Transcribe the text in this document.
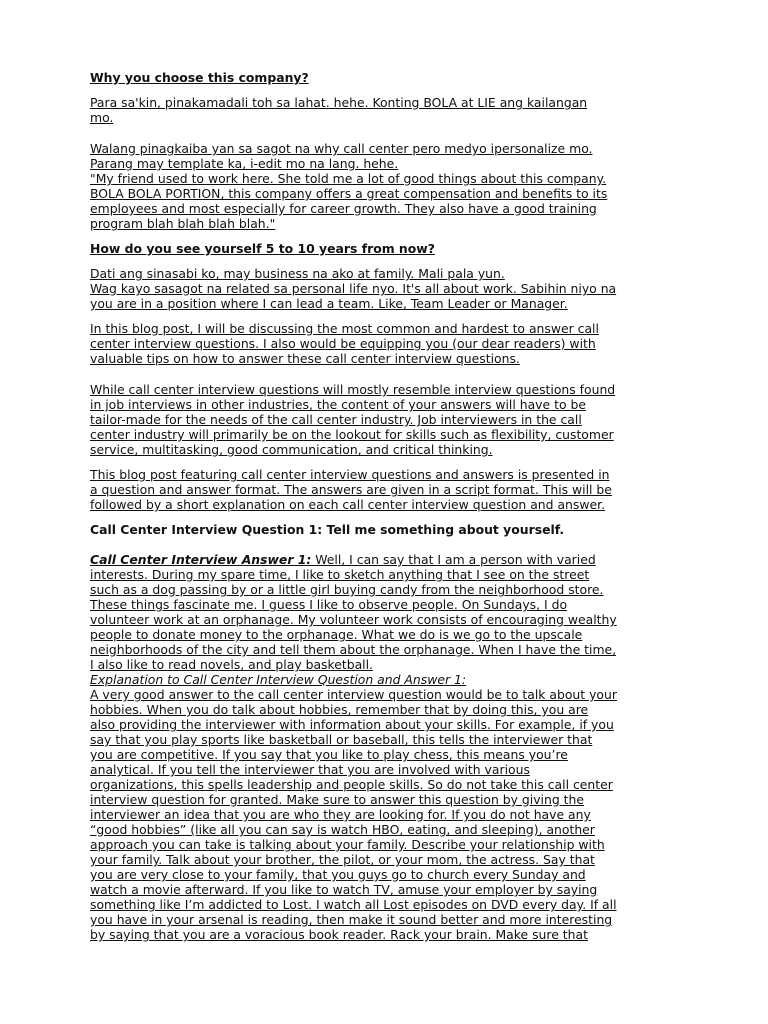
Why you choose this company?
Para sa'kin, pinakamadali toh sa lahat. hehe. Konting BOLA at LIE ang kailangan
mo.
Walang pinagkaiba yan sa sagot na why call center pero medyo ipersonalize mo.
Parang may template ka, i-edit mo na lang. hehe.
"My friend used to work here. She told me a lot of good things about this company.
BOLA BOLA PORTION, this company offers a great compensation and benefits to its
employees and most especially for career growth. They also have a good training
program blah blah blah blah."
How do you see yourself 5 to 10 years from now?
Dati ang sinasabi ko, may business na ako at family. Mali pala yun.
Wag kayo sasagot na related sa personal life nyo. It's all about work. Sabihin niyo na
you are in a position where I can lead a team. Like, Team Leader or Manager.
In this blog post, I will be discussing the most common and hardest to answer call
center interview questions. I also would be equipping you (our dear readers) with
valuable tips on how to answer these call center interview questions.
While call center interview questions will mostly resemble interview questions found
in job interviews in other industries, the content of your answers will have to be
tailor-made for the needs of the call center industry. Job interviewers in the call
center industry will primarily be on the lookout for skills such as flexibility, customer
service, multitasking, good communication, and critical thinking.
This blog post featuring call center interview questions and answers is presented in
a question and answer format. The answers are given in a script format. This will be
followed by a short explanation on each call center interview question and answer.
Call Center Interview Question 1: Tell me something about yourself.
Call Center Interview Answer 1: Well, I can say that I am a person with varied
interests. During my spare time, I like to sketch anything that I see on the street
such as a dog passing by or a little girl buying candy from the neighborhood store.
These things fascinate me. I guess I like to observe people. On Sundays, I do
volunteer work at an orphanage. My volunteer work consists of encouraging wealthy
people to donate money to the orphanage. What we do is we go to the upscale
neighborhoods of the city and tell them about the orphanage. When I have the time,
I also like to read novels, and play basketball.
Explanation to Call Center Interview Question and Answer 1:
A very good answer to the call center interview question would be to talk about your
hobbies. When you do talk about hobbies, remember that by doing this, you are
also providing the interviewer with information about your skills. For example, if you
say that you play sports like basketball or baseball, this tells the interviewer that
you are competitive. If you say that you like to play chess, this means you’re
analytical. If you tell the interviewer that you are involved with various
organizations, this spells leadership and people skills. So do not take this call center
interview question for granted. Make sure to answer this question by giving the
interviewer an idea that you are who they are looking for. If you do not have any
“good hobbies” (like all you can say is watch HBO, eating, and sleeping), another
approach you can take is talking about your family. Describe your relationship with
your family. Talk about your brother, the pilot, or your mom, the actress. Say that
you are very close to your family, that you guys go to church every Sunday and
watch a movie afterward. If you like to watch TV, amuse your employer by saying
something like I’m addicted to Lost. I watch all Lost episodes on DVD every day. If all
you have in your arsenal is reading, then make it sound better and more interesting
by saying that you are a voracious book reader. Rack your brain. Make sure that
